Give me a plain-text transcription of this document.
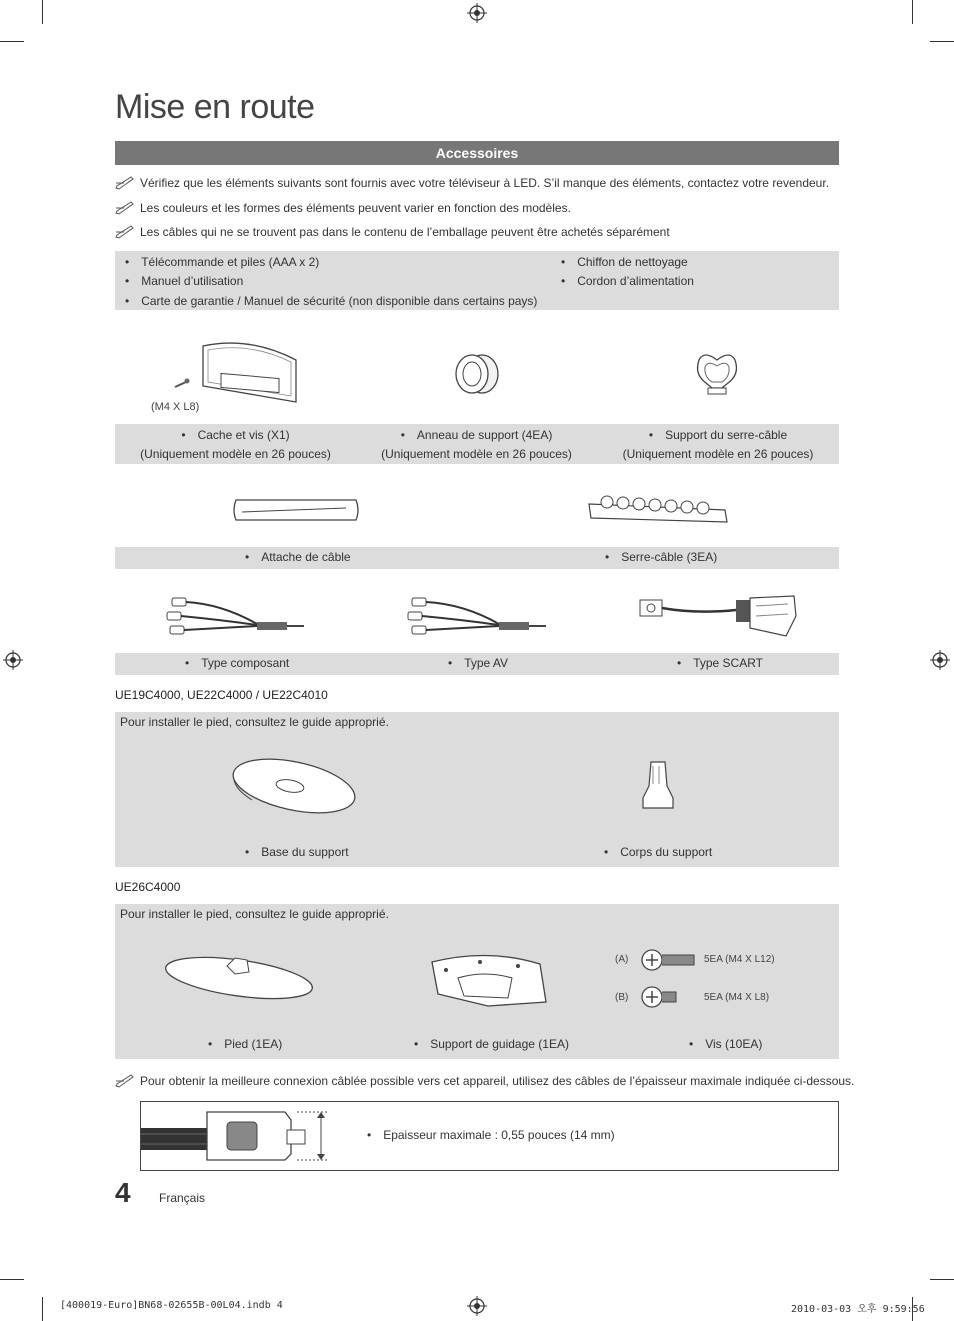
Mise en route
Accessoires
Vérifiez que les éléments suivants sont fournis avec votre téléviseur à LED. S’il manque des éléments, contactez votre revendeur.
Les couleurs et les formes des éléments peuvent varier en fonction des modèles.
Les câbles qui ne se trouvent pas dans le contenu de l’emballage peuvent être achetés séparément
• Télécommande et piles (AAA x 2)
• Manuel d’utilisation
• Carte de garantie / Manuel de sécurité (non disponible dans certains pays)
• Chiffon de nettoyage
• Cordon d’alimentation
(M4 X L8)
• Cache et vis (X1)
(Uniquement modèle en 26 pouces)
• Anneau de support (4EA)
(Uniquement modèle en 26 pouces)
• Support du serre-câble
(Uniquement modèle en 26 pouces)
• Attache de câble	• Serre-câble (3EA)
• Type composant	• Type AV	• Type SCART
UE19C4000, UE22C4000 / UE22C4010
Pour installer le pied, consultez le guide approprié.
• Base du support	• Corps du support
UE26C4000
Pour installer le pied, consultez le guide approprié.
(A)	5EA (M4 X L12)
(B)	5EA (M4 X L8)
• Pied (1EA)	• Support de guidage (1EA)	• Vis (10EA)
Pour obtenir la meilleure connexion câblée possible vers cet appareil, utilisez des câbles de l’épaisseur maximale indiquée ci-dessous.
• Epaisseur maximale : 0,55 pouces (14 mm)
4 Français
[400019-Euro]BN68-02655B-00L04.indb 4	2010-03-03 오후 9:59:56
